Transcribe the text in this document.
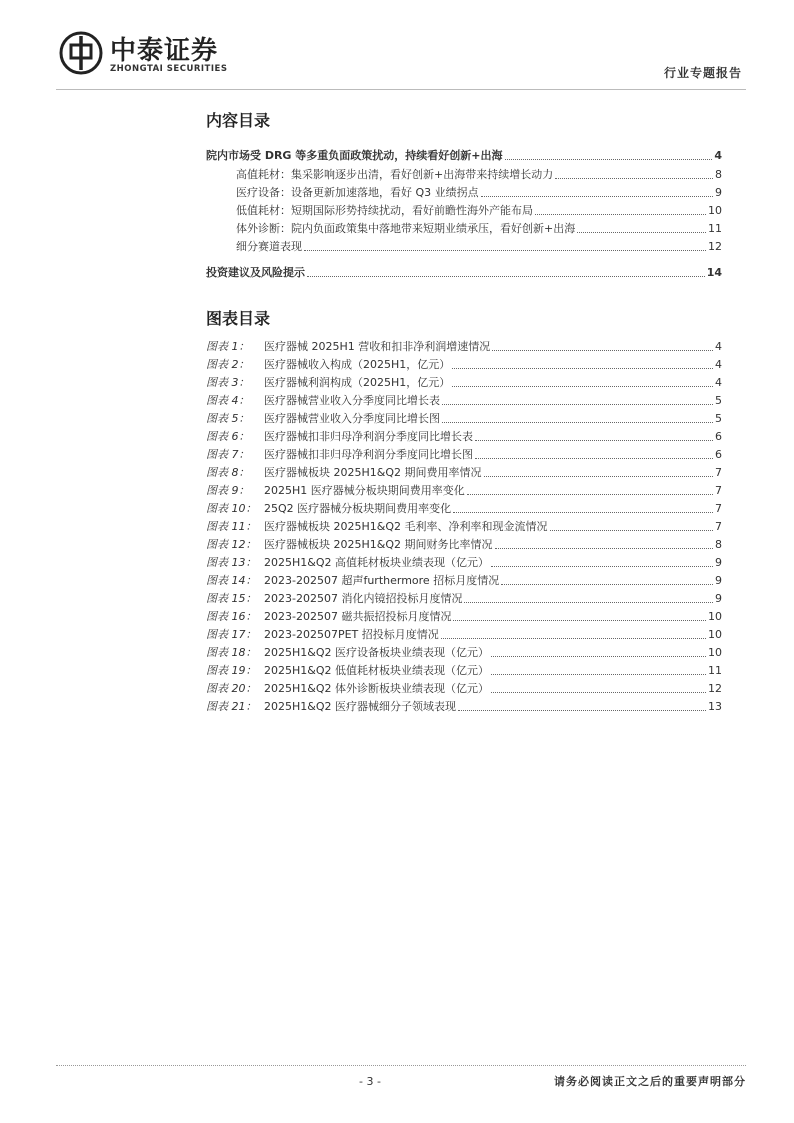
中泰证券
ZHONGTAI SECURITIES	行业专题报告
内容目录
院内市场受 DRG 等多重负面政策扰动，持续看好创新+出海	4
高值耗材：集采影响逐步出清，看好创新+出海带来持续增长动力	8
医疗设备：设备更新加速落地，看好 Q3 业绩拐点	9
低值耗材：短期国际形势持续扰动，看好前瞻性海外产能布局	10
体外诊断：院内负面政策集中落地带来短期业绩承压，看好创新+出海	11
细分赛道表现	12
投资建议及风险提示	14
图表目录
图表 1：	医疗器械 2025H1 营收和扣非净利润增速情况	4
图表 2：	医疗器械收入构成（2025H1，亿元）	4
图表 3：	医疗器械利润构成（2025H1，亿元）	4
图表 4：	医疗器械营业收入分季度同比增长表	5
图表 5：	医疗器械营业收入分季度同比增长图	5
图表 6：	医疗器械扣非归母净利润分季度同比增长表	6
图表 7：	医疗器械扣非归母净利润分季度同比增长图	6
图表 8：	医疗器械板块 2025H1&Q2 期间费用率情况	7
图表 9：	2025H1 医疗器械分板块期间费用率变化	7
图表 10： 25Q2 医疗器械分板块期间费用率变化	7
图表 11： 医疗器械板块 2025H1&Q2 毛利率、净利率和现金流情况	7
图表 12： 医疗器械板块 2025H1&Q2 期间财务比率情况	8
图表 13： 2025H1&Q2 高值耗材板块业绩表现（亿元）	9
图表 14： 2023-202507 超声furthermore 招标月度情况	9
图表 15： 2023-202507 消化内镜招投标月度情况	9
图表 16： 2023-202507 磁共振招投标月度情况	10
图表 17： 2023-202507PET 招投标月度情况	10
图表 18： 2025H1&Q2 医疗设备板块业绩表现（亿元）	10
图表 19： 2025H1&Q2 低值耗材板块业绩表现（亿元）	11
图表 20： 2025H1&Q2 体外诊断板块业绩表现（亿元）	12
图表 21： 2025H1&Q2 医疗器械细分子领域表现	13
- 3 -	请务必阅读正文之后的重要声明部分
